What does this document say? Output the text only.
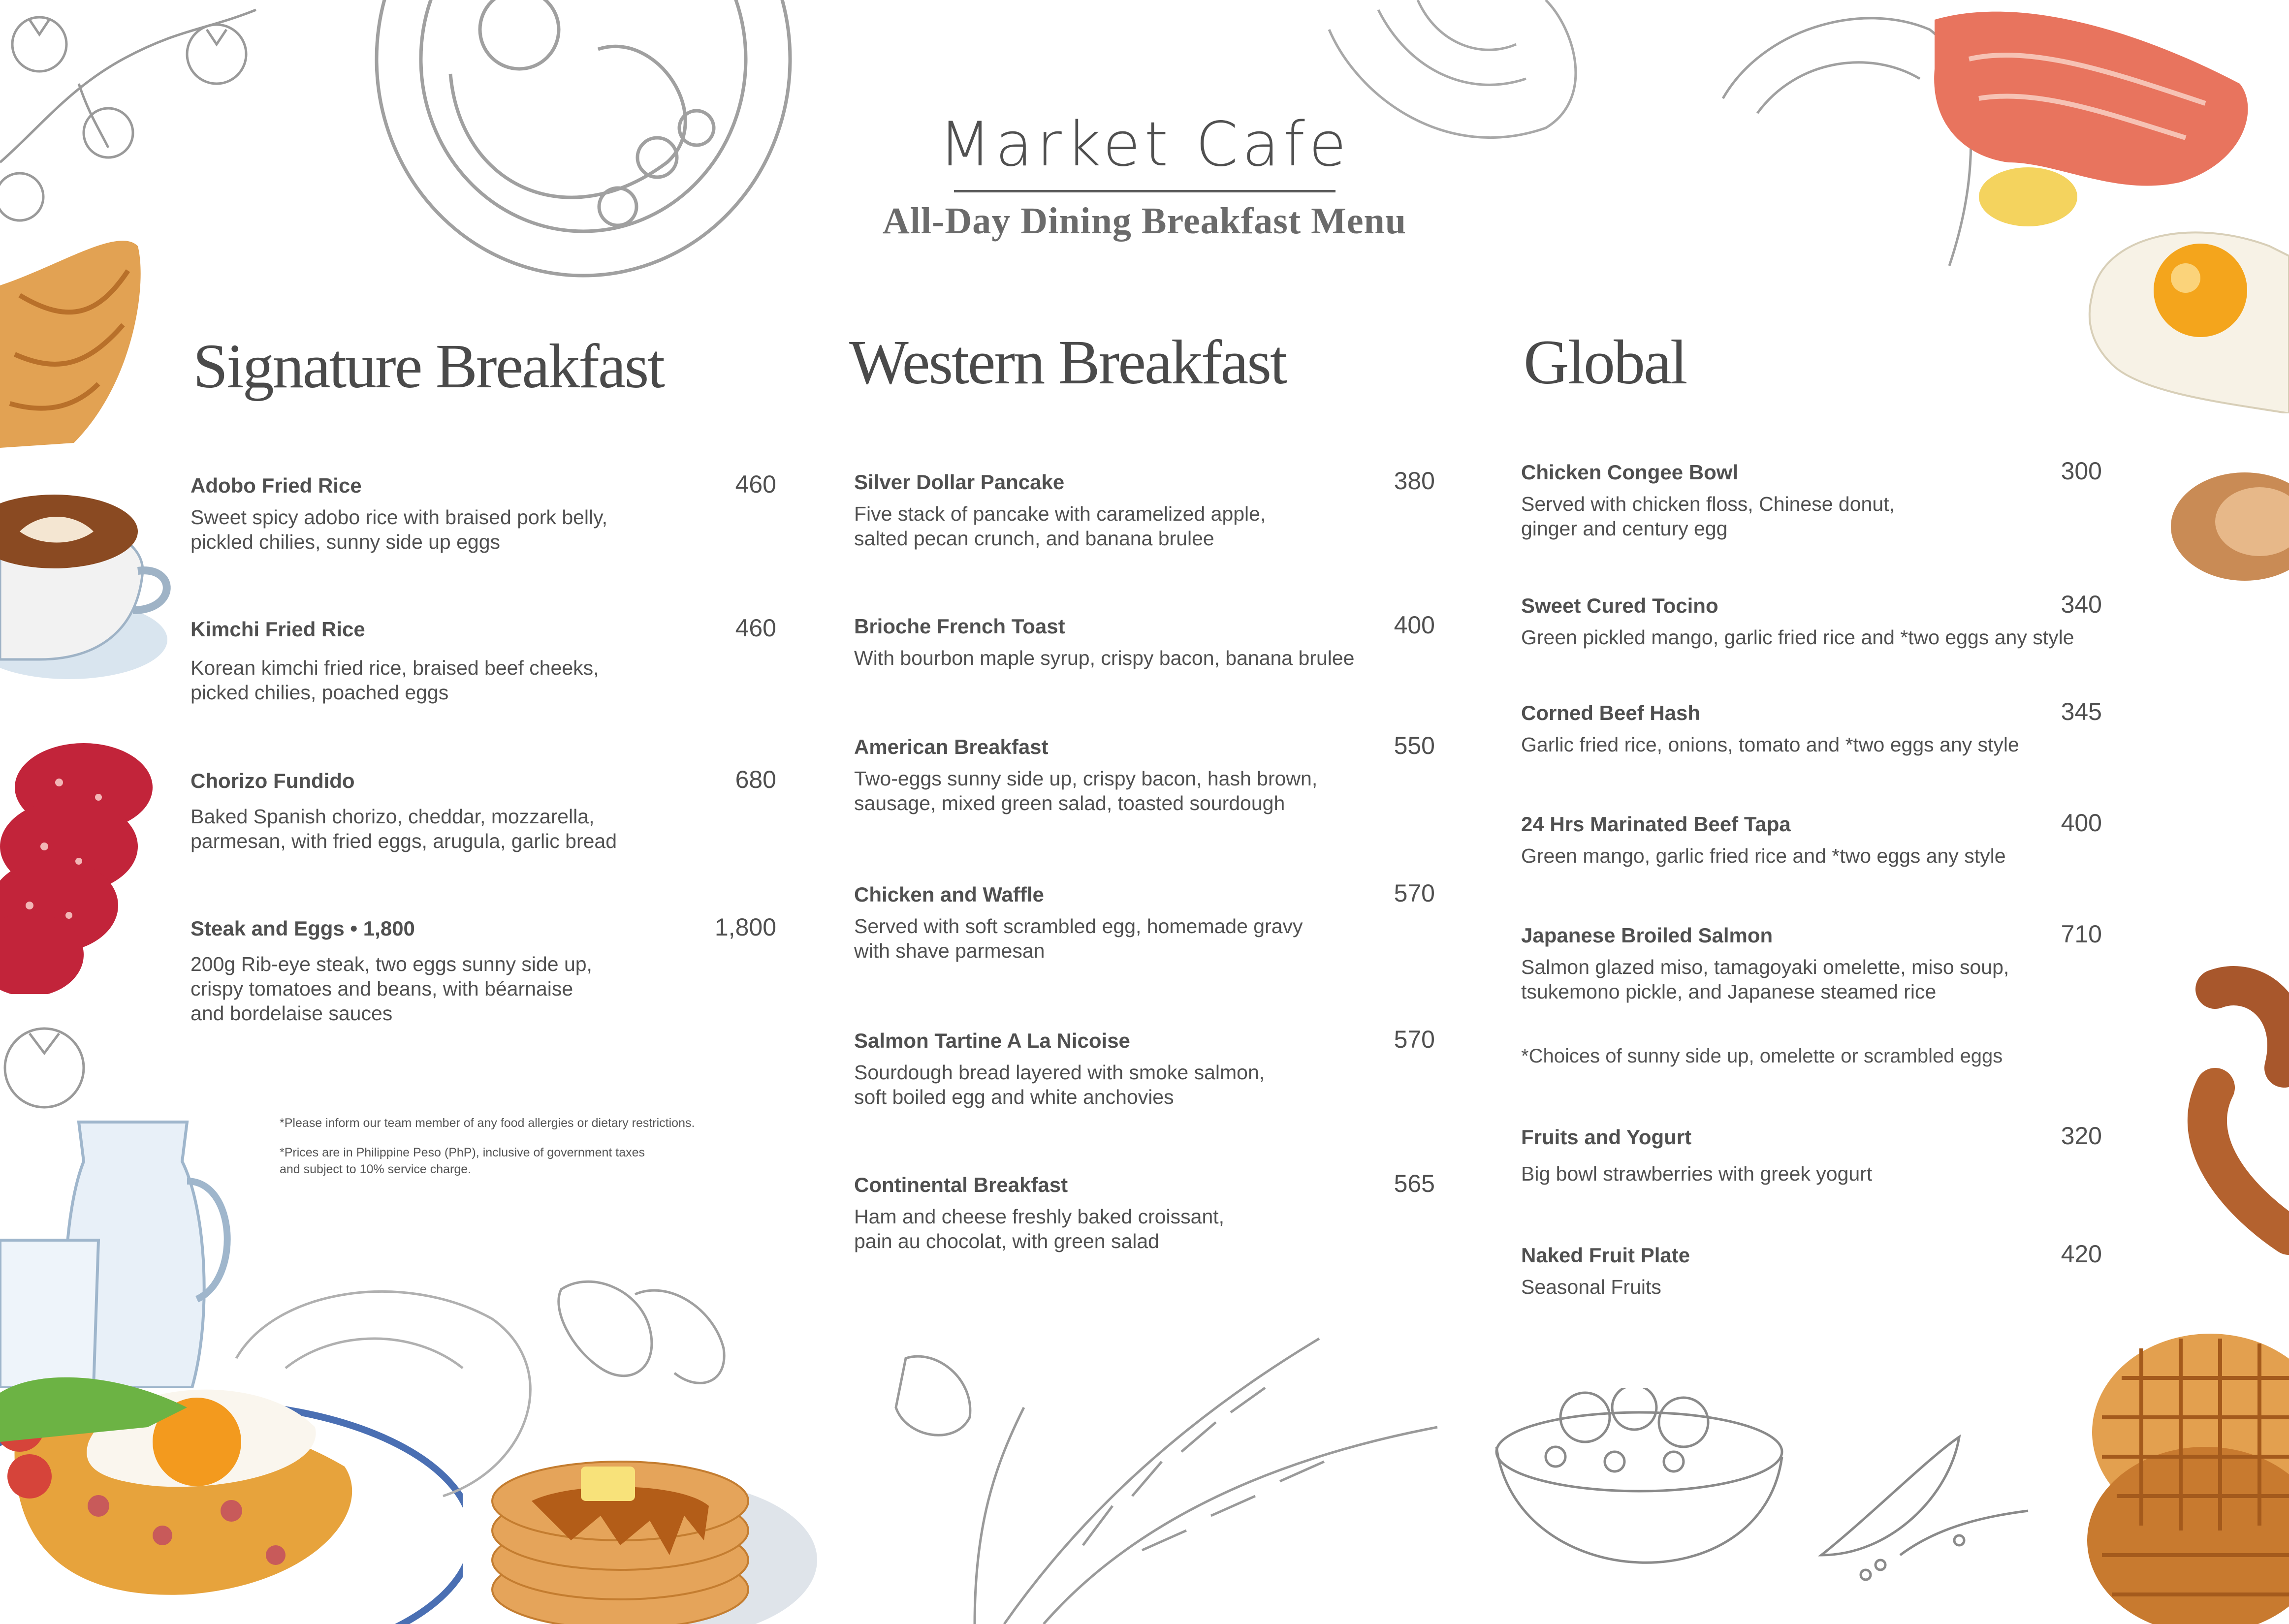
Market Cafe
All-Day Dining Breakfast Menu
Signature Breakfast	Western Breakfast	Global
Adobo Fried Rice	460
Sweet spicy adobo rice with braised pork belly,
pickled chilies, sunny side up eggs
Kimchi Fried Rice	460
Korean kimchi fried rice, braised beef cheeks,
picked chilies, poached eggs
Chorizo Fundido	680
Baked Spanish chorizo, cheddar, mozzarella,
parmesan, with fried eggs, arugula, garlic bread
Steak and Eggs • 1,800	1,800
200g Rib-eye steak, two eggs sunny side up,
crispy tomatoes and beans, with béarnaise
and bordelaise sauces
*Please inform our team member of any food allergies or dietary restrictions.
*Prices are in Philippine Peso (PhP), inclusive of government taxes
and subject to 10% service charge.
Silver Dollar Pancake	380
Five stack of pancake with caramelized apple,
salted pecan crunch, and banana brulee
Brioche French Toast	400
With bourbon maple syrup, crispy bacon, banana brulee
American Breakfast	550
Two-eggs sunny side up, crispy bacon, hash brown,
sausage, mixed green salad, toasted sourdough
Chicken and Waffle	570
Served with soft scrambled egg, homemade gravy
with shave parmesan
Salmon Tartine A La Nicoise	570
Sourdough bread layered with smoke salmon,
soft boiled egg and white anchovies
Continental Breakfast	565
Ham and cheese freshly baked croissant,
pain au chocolat, with green salad
Chicken Congee Bowl	300
Served with chicken floss, Chinese donut,
ginger and century egg
Sweet Cured Tocino	340
Green pickled mango, garlic fried rice and *two eggs any style
Corned Beef Hash	345
Garlic fried rice, onions, tomato and *two eggs any style
24 Hrs Marinated Beef Tapa	400
Green mango, garlic fried rice and *two eggs any style
Japanese Broiled Salmon	710
Salmon glazed miso, tamagoyaki omelette, miso soup,
tsukemono pickle, and Japanese steamed rice
*Choices of sunny side up, omelette or scrambled eggs
Fruits and Yogurt	320
Big bowl strawberries with greek yogurt
Naked Fruit Plate	420
Seasonal Fruits
